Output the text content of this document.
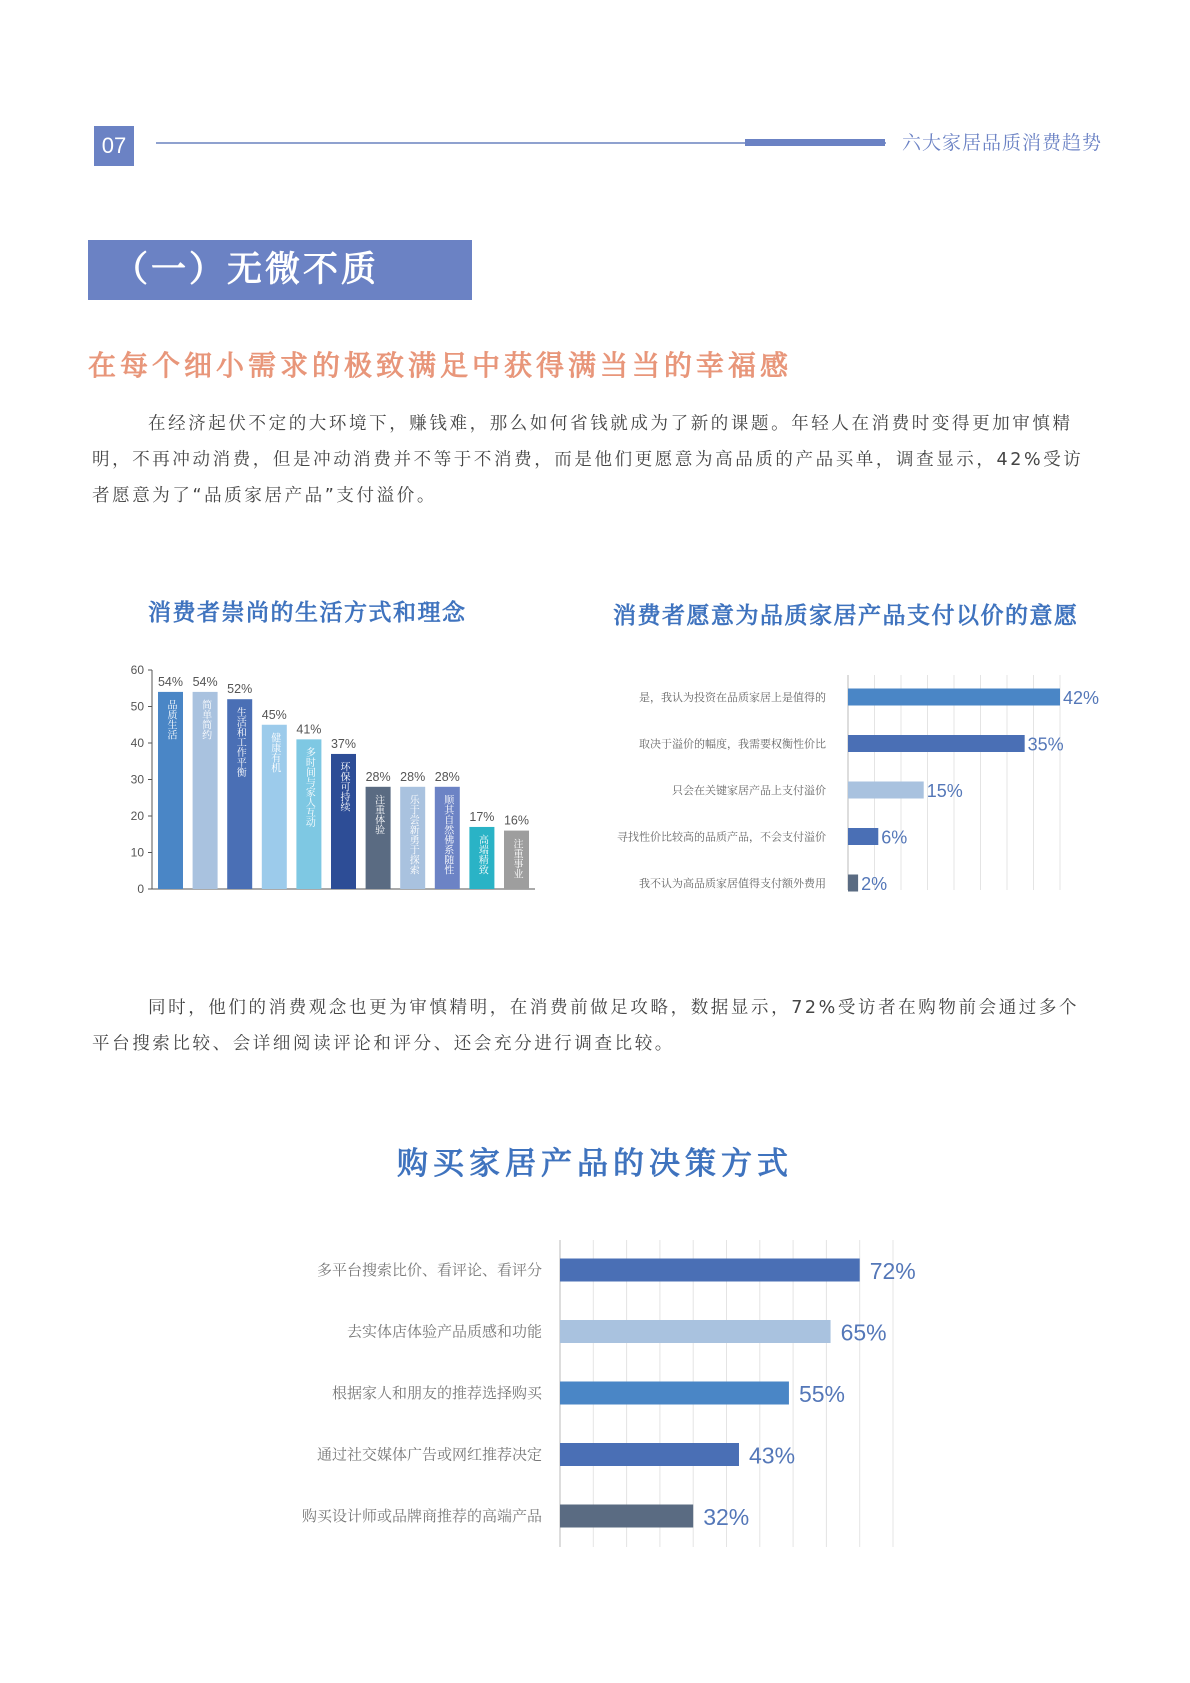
07	六大家居品质消费趋势
（一）无微不质
在每个细小需求的极致满足中获得满当当的幸福感
在经济起伏不定的大环境下，赚钱难，那么如何省钱就成为了新的课题。年轻人在消费时变得更加审慎精明，不再冲动消费，但是冲动消费并不等于不消费，而是他们更愿意为高品质的产品买单，调查显示，42%受访者愿意为了“品质家居产品”支付溢价。
消费者崇尚的生活方式和理念	消费者愿意为品质家居产品支付以价的意愿
0
10
20
30
40
50
60
54%
品质生活
54%
简单简约
52%
生活和工作平衡 45%
健康有机
41%
多时间与家人互动
37%
环保可持续 28%
注重体验
28%
乐于尝新勇于探索
28%
顺其自然佛系随性 17%
高端精致
16%
注重事业
是，我认为投资在品质家居上是值得的	42%
取决于溢价的幅度，我需要权衡性价比	35%
只会在关键家居产品上支付溢价	15%
寻找性价比较高的品质产品，不会支付溢价	6%
我不认为高品质家居值得支付额外费用 2%
同时，他们的消费观念也更为审慎精明，在消费前做足攻略，数据显示，72%受访者在购物前会通过多个平台搜索比较、会详细阅读评论和评分、还会充分进行调查比较。
购买家居产品的决策方式
多平台搜索比价、看评论、看评分	72%
去实体店体验产品质感和功能	65%
根据家人和朋友的推荐选择购买	55%
通过社交媒体广告或网红推荐决定	43%
购买设计师或品牌商推荐的高端产品	32%
